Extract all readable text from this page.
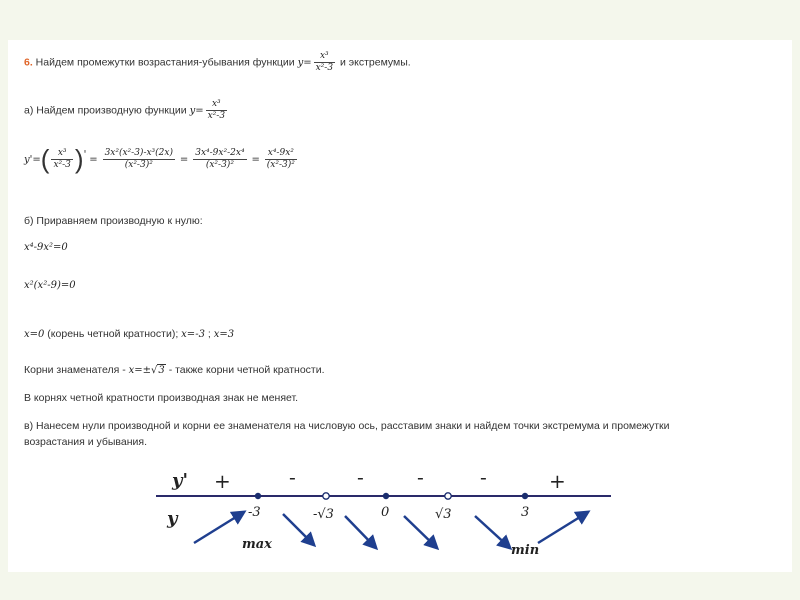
6. Найдем промежутки возрастания-убывания функции $y= \frac{\text{x³}}{\text{x²-3}}$ и экстремумы.
а) Найдем производную функции $y= \frac{\text{x³}}{\text{x²-3}}$
$y'=( \frac{\text{x³}}{\text{x²-3}} )' = \frac{\text{3x²(x²-3)-x³(2x)}}{\text{(x²-3)²}} = \frac{\text{3x⁴-9x²-2x⁴}}{\text{(x²-3)²}} = \frac{\text{x⁴-9x²}}{\text{(x²-3)²}}$
б) Приравняем производную к нулю:
x⁴-9x²=0
x²(x²-9)=0
x=0 (корень четной кратности); x=-3 ; x=3
Корни знаменателя - x=±√3 - также корни четной кратности.
В корнях четной кратности производная знак не меняет.
в) Нанесем нули производной и корни ее знаменателя на числовую ось, расставим знаки и найдем точки экстремума и промежутки
возрастания и убывания.
y'
y
+	-	-	-	-	+
-3	-√3	0	√3	3
max	min
